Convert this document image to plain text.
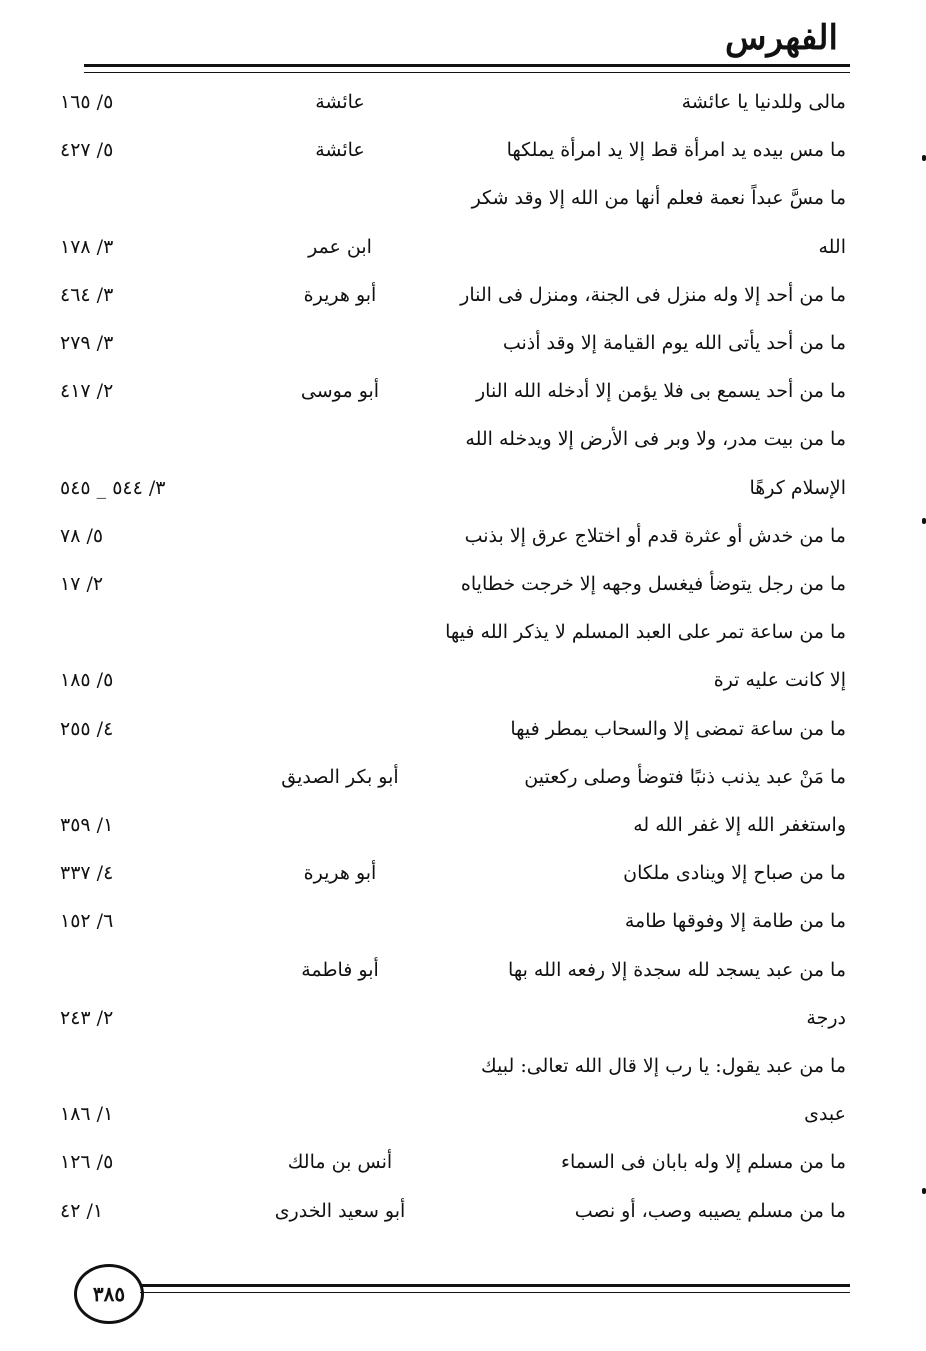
الفهرس
مالى وللدنيا يا عائشة
عائشة
٥/ ١٦٥
ما مس بيده يد امرأة قط إلا يد امرأة يملكها
عائشة
٥/ ٤٢٧
ما مسَّ عبداً نعمة فعلم أنها من الله إلا وقد شكر
الله
ابن عمر
٣/ ١٧٨
ما من أحد إلا وله منزل فى الجنة، ومنزل فى النار
أبو هريرة
٣/ ٤٦٤
ما من أحد يأتى الله يوم القيامة إلا وقد أذنب
٣/ ٢٧٩
ما من أحد يسمع بى فلا يؤمن إلا أدخله الله النار
أبو موسى
٢/ ٤١٧
ما من بيت مدر، ولا وبر فى الأرض إلا ويدخله الله
الإسلام كرهًا
٣/ ٥٤٤ _ ٥٤٥
ما من خدش أو عثرة قدم أو اختلاج عرق إلا بذنب
٥/ ٧٨
ما من رجل يتوضأ فيغسل وجهه إلا خرجت خطاياه
٢/ ١٧
ما من ساعة تمر على العبد المسلم لا يذكر الله فيها
إلا كانت عليه ترة
٥/ ١٨٥
ما من ساعة تمضى إلا والسحاب يمطر فيها
٤/ ٢٥٥
ما مَنْ عبد يذنب ذنبًا فتوضأ وصلى ركعتين
أبو بكر الصديق
واستغفر الله إلا غفر الله له
١/ ٣٥٩
ما من صباح إلا وينادى ملكان
أبو هريرة
٤/ ٣٣٧
ما من طامة إلا وفوقها طامة
٦/ ١٥٢
ما من عبد يسجد لله سجدة إلا رفعه الله بها
أبو فاطمة
درجة
٢/ ٢٤٣
ما من عبد يقول: يا رب إلا قال الله تعالى: لبيك
عبدى
١/ ١٨٦
ما من مسلم إلا وله بابان فى السماء
أنس بن مالك
٥/ ١٢٦
ما من مسلم يصيبه وصب، أو نصب
أبو سعيد الخدرى
١/ ٤٢
٣٨٥
